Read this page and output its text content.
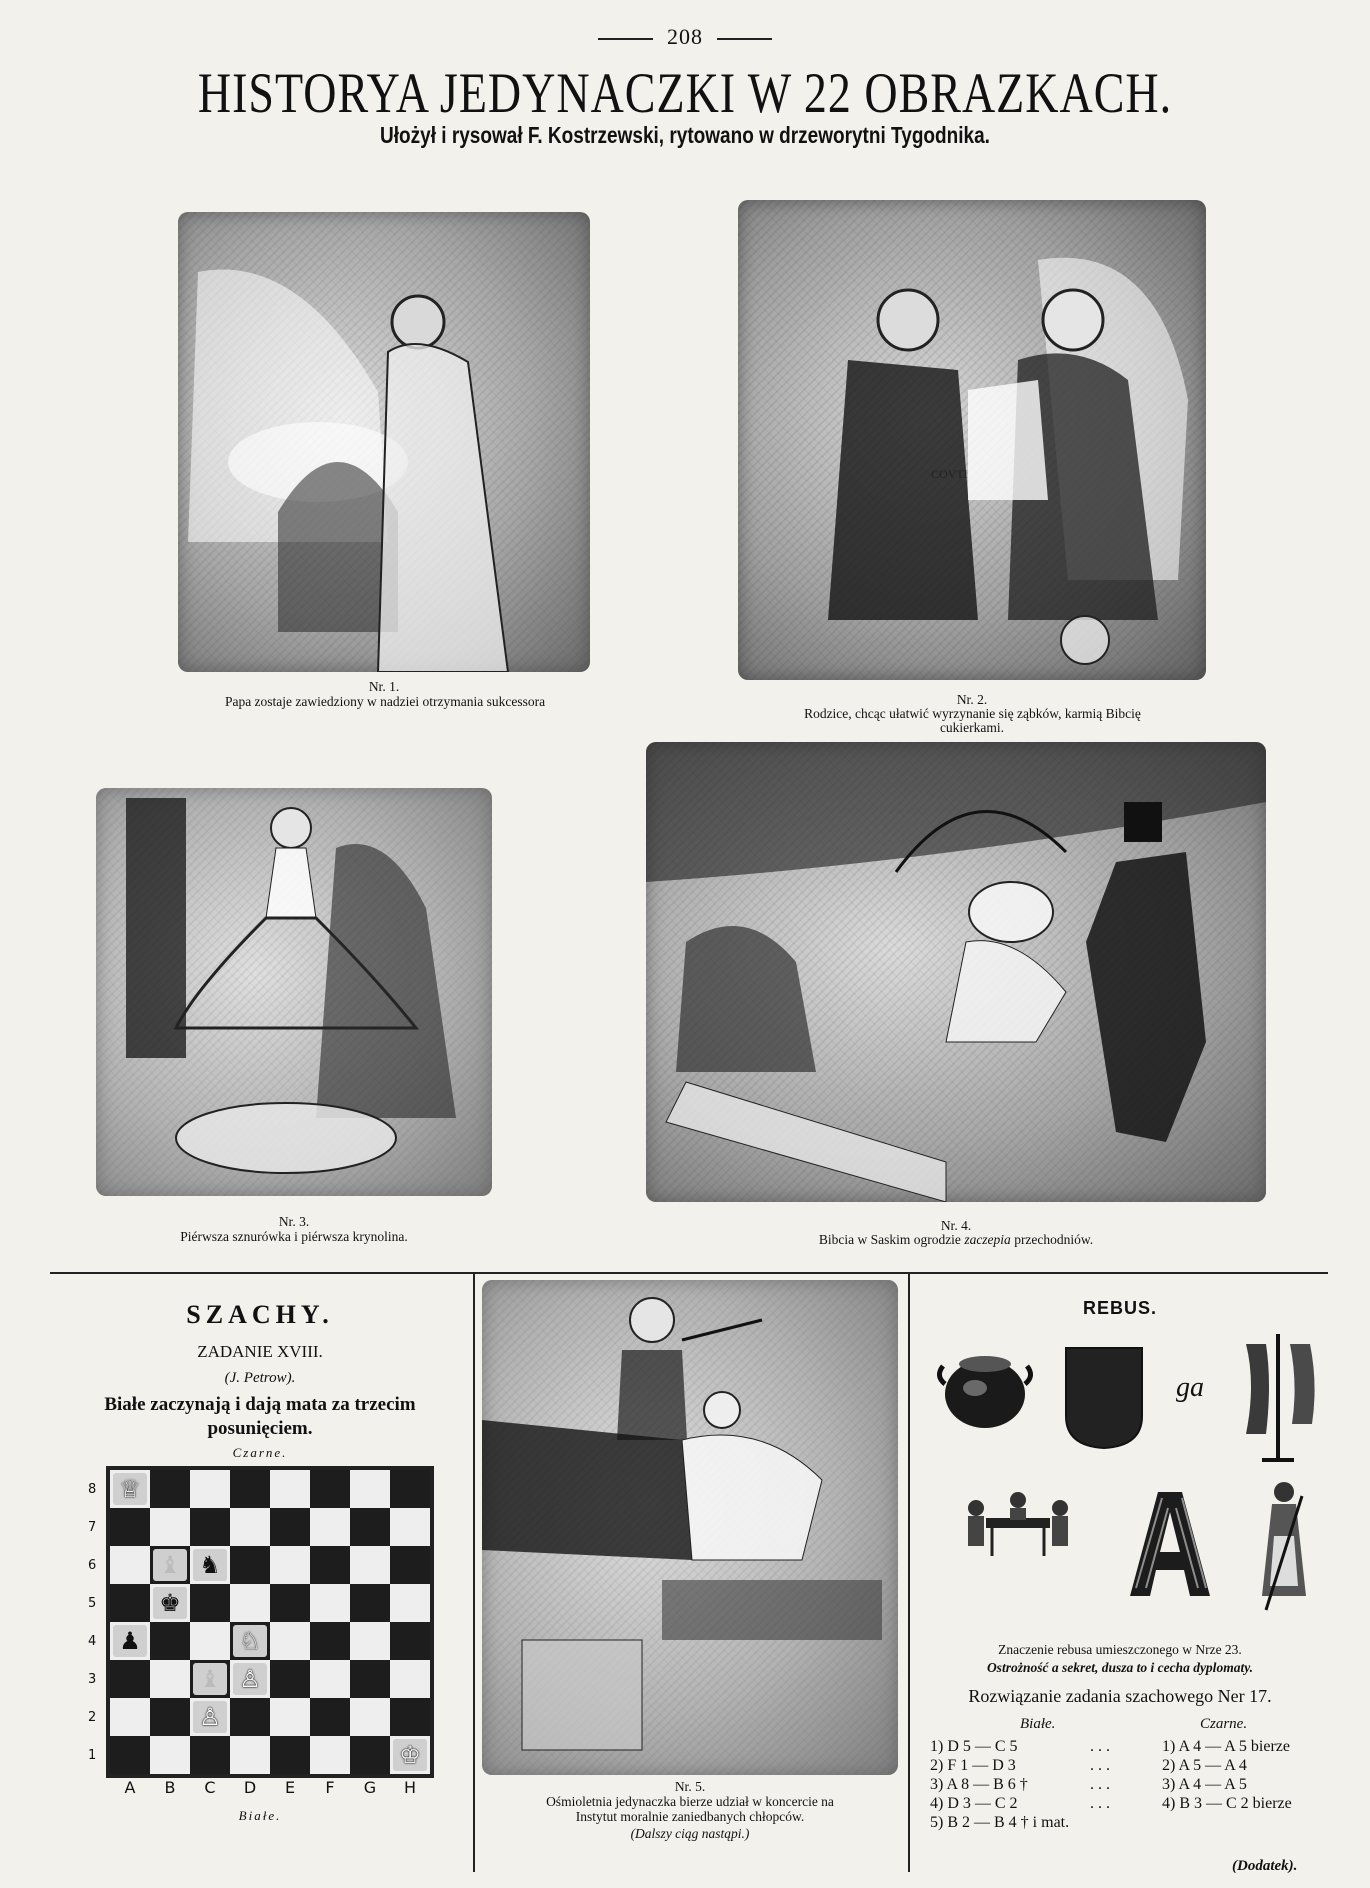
208
HISTORYA JEDYNACZKI W 22 OBRAZKACH.
Ułożył i rysował F. Kostrzewski, rytowano w drzeworytni Tygodnika.
Nr. 1.
Papa zostaje zawiedziony w nadziei otrzymania sukcessora
COVTI
Nr. 2.
Rodzice, chcąc ułatwić wyrzynanie się ząbków, karmią Bibcię
cukierkami.
Nr. 3.
Piérwsza sznurówka i piérwsza krynolina.
Nr. 4.
Bibcia w Saskim ogrodzie zaczepia przechodniów.
SZACHY.
ZADANIE XVIII.
(J. Petrow).
Białe zaczynają i dają mata za trzecim
posunięciem.
Czarne.
♕
♝ ♞
♚
♟	♘
♝ ♙
♙
♔
8
7
6
5
4
3
2
1
A	B	C	D	E	F	G	H
Białe.
Nr. 5.
Ośmioletnia jedynaczka bierze udział w koncercie na
Instytut moralnie zaniedbanych chłopców.
(Dalszy ciąg nastąpi.)
REBUS.
ga
Znaczenie rebusa umieszczonego w Nrze 23.
Ostrożność a sekret, dusza to i cecha dyplomaty.
Rozwiązanie zadania szachowego Ner 17.
Białe.	Czarne.
1) D 5 — C 5	. . .	1) A 4 — A 5 bierze
2) F 1 — D 3	. . .	2) A 5 — A 4
3) A 8 — B 6 †	. . .	3) A 4 — A 5
4) D 3 — C 2	. . .	4) B 3 — C 2 bierze
5) B 2 — B 4 † i mat.
(Dodatek).
